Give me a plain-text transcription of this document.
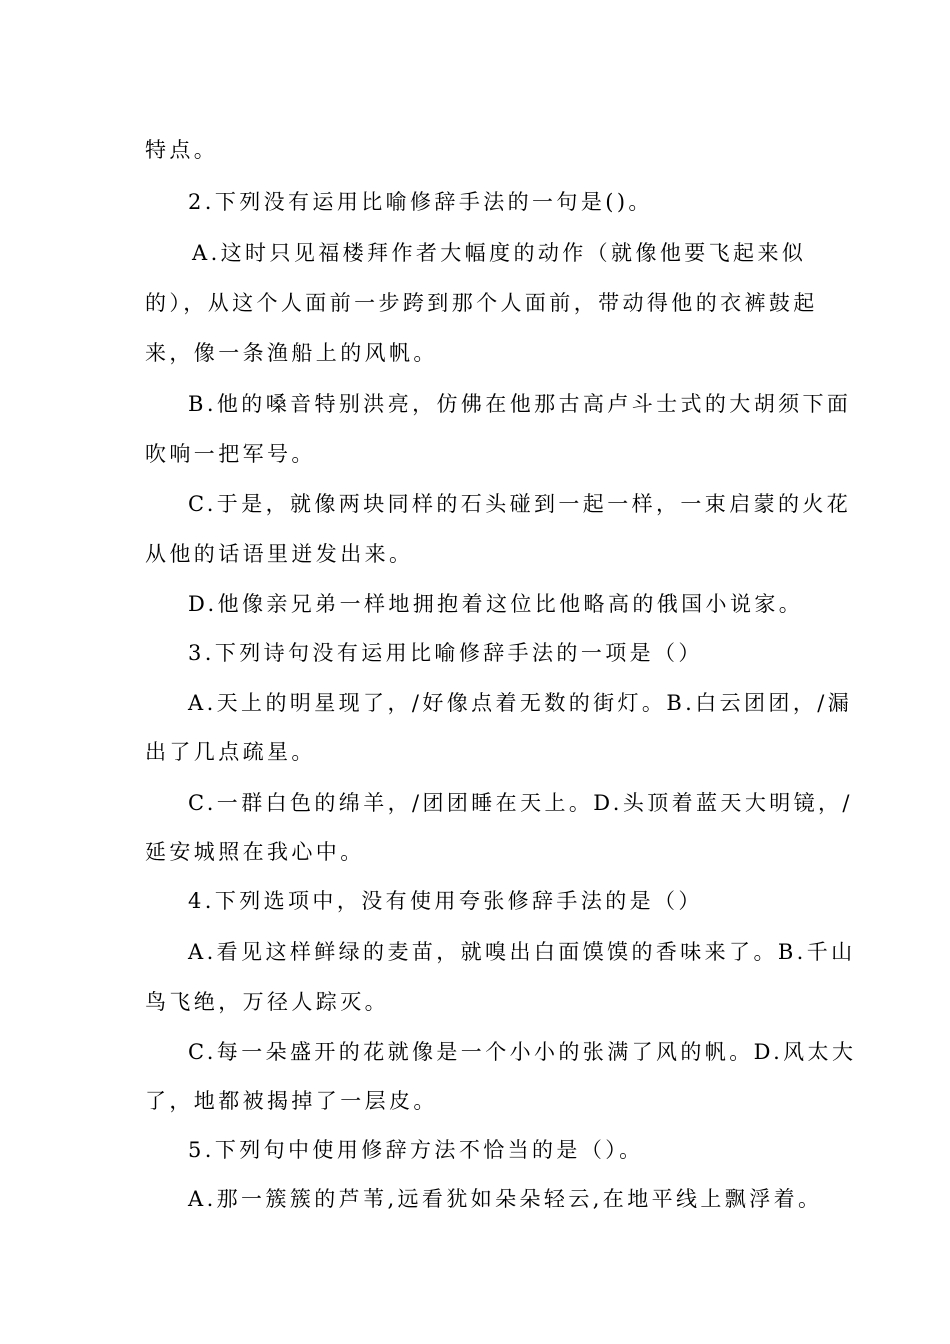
特点。
2.下列没有运用比喻修辞手法的一句是()。
A.这时只见福楼拜作者大幅度的动作（就像他要飞起来似
的），从这个人面前一步跨到那个人面前，带动得他的衣裤鼓起
来，像一条渔船上的风帆。
B.他的嗓音特别洪亮，仿佛在他那古高卢斗士式的大胡须下面
吹响一把军号。
C.于是，就像两块同样的石头碰到一起一样，一束启蒙的火花
从他的话语里迸发出来。
D.他像亲兄弟一样地拥抱着这位比他略高的俄国小说家。
3.下列诗句没有运用比喻修辞手法的一项是（）
A.天上的明星现了，/好像点着无数的街灯。B.白云团团，/漏
出了几点疏星。
C.一群白色的绵羊，/团团睡在天上。D.头顶着蓝天大明镜，/
延安城照在我心中。
4.下列选项中，没有使用夸张修辞手法的是（）
A.看见这样鲜绿的麦苗，就嗅出白面馍馍的香味来了。B.千山
鸟飞绝，万径人踪灭。
C.每一朵盛开的花就像是一个小小的张满了风的帆。D.风太大
了，地都被揭掉了一层皮。
5.下列句中使用修辞方法不恰当的是（）。
A.那一簇簇的芦苇,远看犹如朵朵轻云,在地平线上飘浮着。
